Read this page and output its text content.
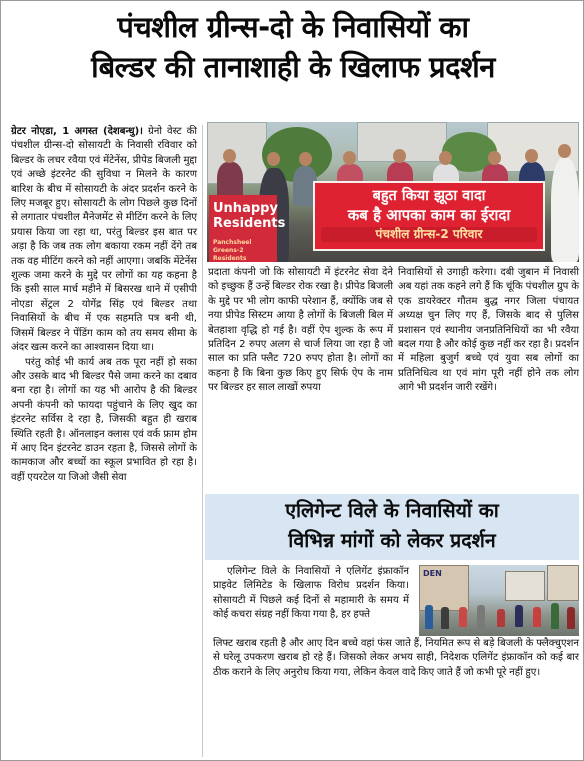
पंचशील ग्रीन्स-दो के निवासियों का
बिल्डर की तानाशाही के खिलाफ प्रदर्शन

ग्रेटर नोएडा, 1 अगस्त (देशबन्धु)। ग्रेनो वेस्ट की पंचशील ग्रीन्स-दो सोसायटी के निवासी रविवार को बिल्डर के लचर रवैया एवं मेंटेनेंस, प्रीपेड बिजली मुद्दा एवं अच्छे इंटरनेट की सुविधा न मिलने के कारण बारिश के बीच में सोसायटी के अंदर प्रदर्शन करने के लिए मजबूर हुए। सोसायटी के लोग पिछले कुछ दिनों से लगातार पंचशील मैनेजमेंट से मीटिंग करने के लिए प्रयास किया जा रहा था, परंतु बिल्डर इस बात पर अड़ा है कि जब तक लोग बकाया रकम नहीं देंगे तब तक वह मीटिंग करने को नहीं आएगा। जबकि मेंटेनेंस शुल्क जमा करने के मुद्दे पर लोगों का यह कहना है कि इसी साल मार्च महीने में बिसरख थाने में एसीपी नोएडा सेंट्रल 2 योगेंद्र सिंह एवं बिल्डर तथा निवासियों के बीच में एक सहमति पत्र बनी थी, जिसमें बिल्डर ने पेंडिंग काम को तय समय सीमा के अंदर खत्म करने का आश्वासन दिया था।

परंतु कोई भी कार्य अब तक पूरा नहीं हो सका और उसके बाद भी बिल्डर पैसे जमा करने का दबाव बना रहा है। लोगों का यह भी आरोप है की बिल्डर अपनी कंपनी को फायदा पहुंचाने के लिए खुद का इंटरनेट सर्विस दे रहा है, जिसकी बहुत ही खराब स्थिति रहती है। ऑनलाइन क्लास एवं वर्क फ्राम होम में आए दिन इंटरनेट डाउन रहता है, जिससे लोगों के कामकाज और बच्चों का स्कूल प्रभावित हो रहा है। वहीं एयरटेल या जिओ जैसी सेवा

Unhappy Residents
Panchsheel Greens-2 Residents
बहुत किया झूठा वादा
कब है आपका काम का ईरादा
पंचशील ग्रीन्स-2 परिवार

प्रदाता कंपनी जो कि सोसायटी में इंटरनेट सेवा देने को इच्छुक हैं उन्हें बिल्डर रोक रखा है। प्रीपेड बिजली के मुद्दे पर भी लोग काफी परेशान हैं, क्योंकि जब से नया प्रीपेड सिस्टम आया है लोगों के बिजली बिल में बेतहाशा वृद्धि हो गई है। वहीं ऐप शुल्क के रूप में प्रतिदिन 2 रुपए अलग से चार्ज लिया जा रहा है जो साल का प्रति फ्लैट 720 रुपए होता है। लोगों का कहना है कि बिना कुछ किए हुए सिर्फ ऐप के नाम पर बिल्डर हर साल लाखों रुपया

निवासियों से उगाही करेगा। दबी जुबान में निवासी अब यहां तक कहने लगे हैं कि चूंकि पंचशील ग्रुप के एक डायरेक्टर गौतम बुद्ध नगर जिला पंचायत अध्यक्ष चुन लिए गए हैं, जिसके बाद से पुलिस प्रशासन एवं स्थानीय जनप्रतिनिधियों का भी रवैया बदल गया है और कोई कुछ नहीं कर रहा है। प्रदर्शन में महिला बुजुर्ग बच्चे एवं युवा सब लोगों का प्रतिनिधित्व था एवं मांग पूरी नहीं होने तक लोग आगे भी प्रदर्शन जारी रखेंगे।

एलिगेन्ट विले के निवासियों का
विभिन्न मांगों को लेकर प्रदर्शन

एलिगेन्ट विले के निवासियों ने एलिगेंट इंफ्राकॉन प्राइवेट लिमिटेड के खिलाफ विरोध प्रदर्शन किया। सोसायटी में पिछले कई दिनों से महामारी के समय में कोई कचरा संग्रह नहीं किया गया है, हर हफ्ते

DEN

लिफ्ट खराब रहती है और आए दिन बच्चे वहां फंस जाते हैं, नियमित रूप से बड़े बिजली के फ्लैक्चुएशन से घरेलू उपकरण खराब हो रहे हैं। जिसको लेकर अभय साही, निदेशक एलिगेंट इंफ्राकॉन को कई बार ठीक कराने के लिए अनुरोध किया गया, लेकिन केवल वादे किए जाते हैं जो कभी पूरे नहीं हुए।
